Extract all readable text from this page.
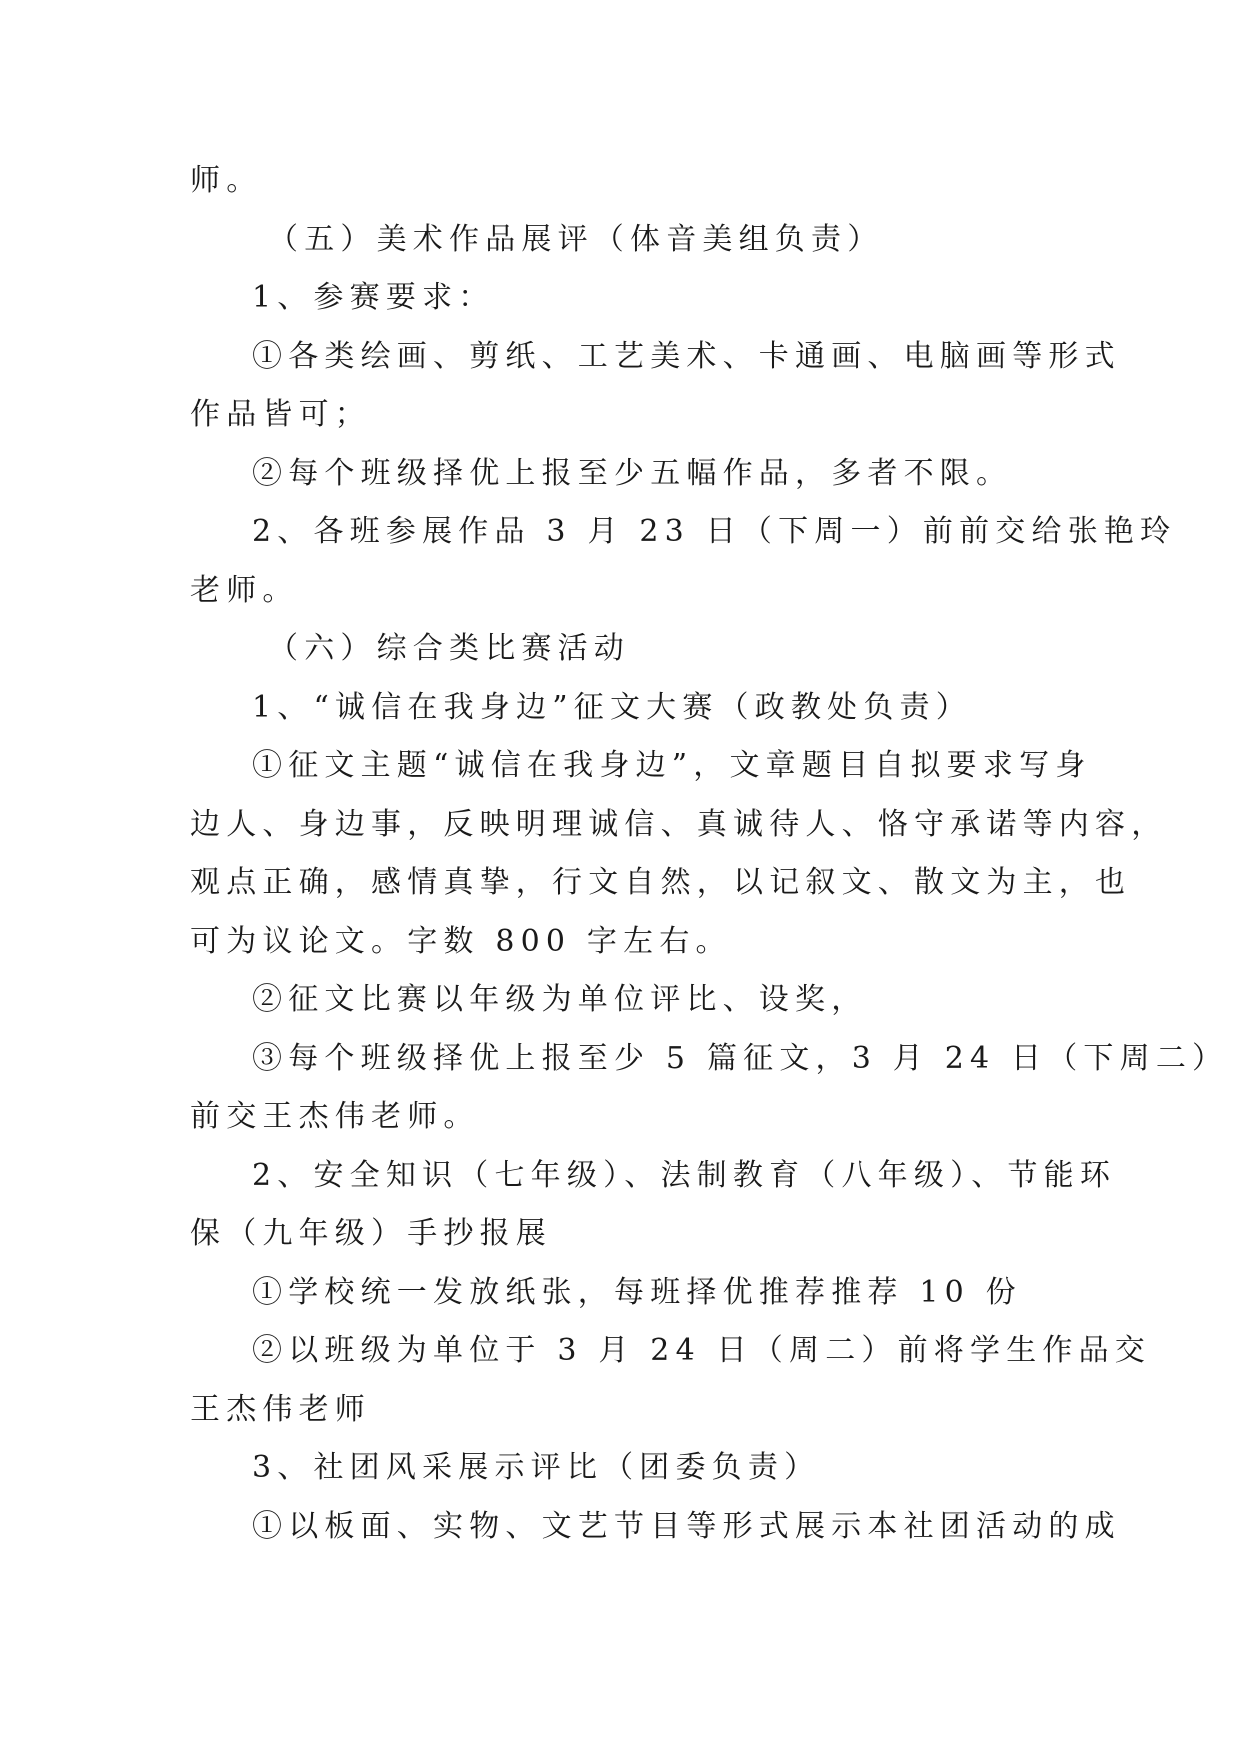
师。
（五）美术作品展评（体音美组负责）
1、参赛要求：
①各类绘画、剪纸、工艺美术、卡通画、电脑画等形式
作品皆可；
②每个班级择优上报至少五幅作品，多者不限。
2、各班参展作品 3 月 23 日（下周一）前前交给张艳玲
老师。
（六）综合类比赛活动
1、“诚信在我身边”征文大赛（政教处负责）
①征文主题“诚信在我身边”，文章题目自拟要求写身
边人、身边事，反映明理诚信、真诚待人、恪守承诺等内容，
观点正确，感情真挚，行文自然，以记叙文、散文为主，也
可为议论文。字数 800 字左右。
②征文比赛以年级为单位评比、设奖，
③每个班级择优上报至少 5 篇征文，3 月 24 日（下周二）
前交王杰伟老师。
2、安全知识（七年级）、法制教育（八年级）、节能环
保（九年级）手抄报展
①学校统一发放纸张，每班择优推荐推荐 10 份
②以班级为单位于 3 月 24 日（周二）前将学生作品交
王杰伟老师
3、社团风采展示评比（团委负责）
①以板面、实物、文艺节目等形式展示本社团活动的成
